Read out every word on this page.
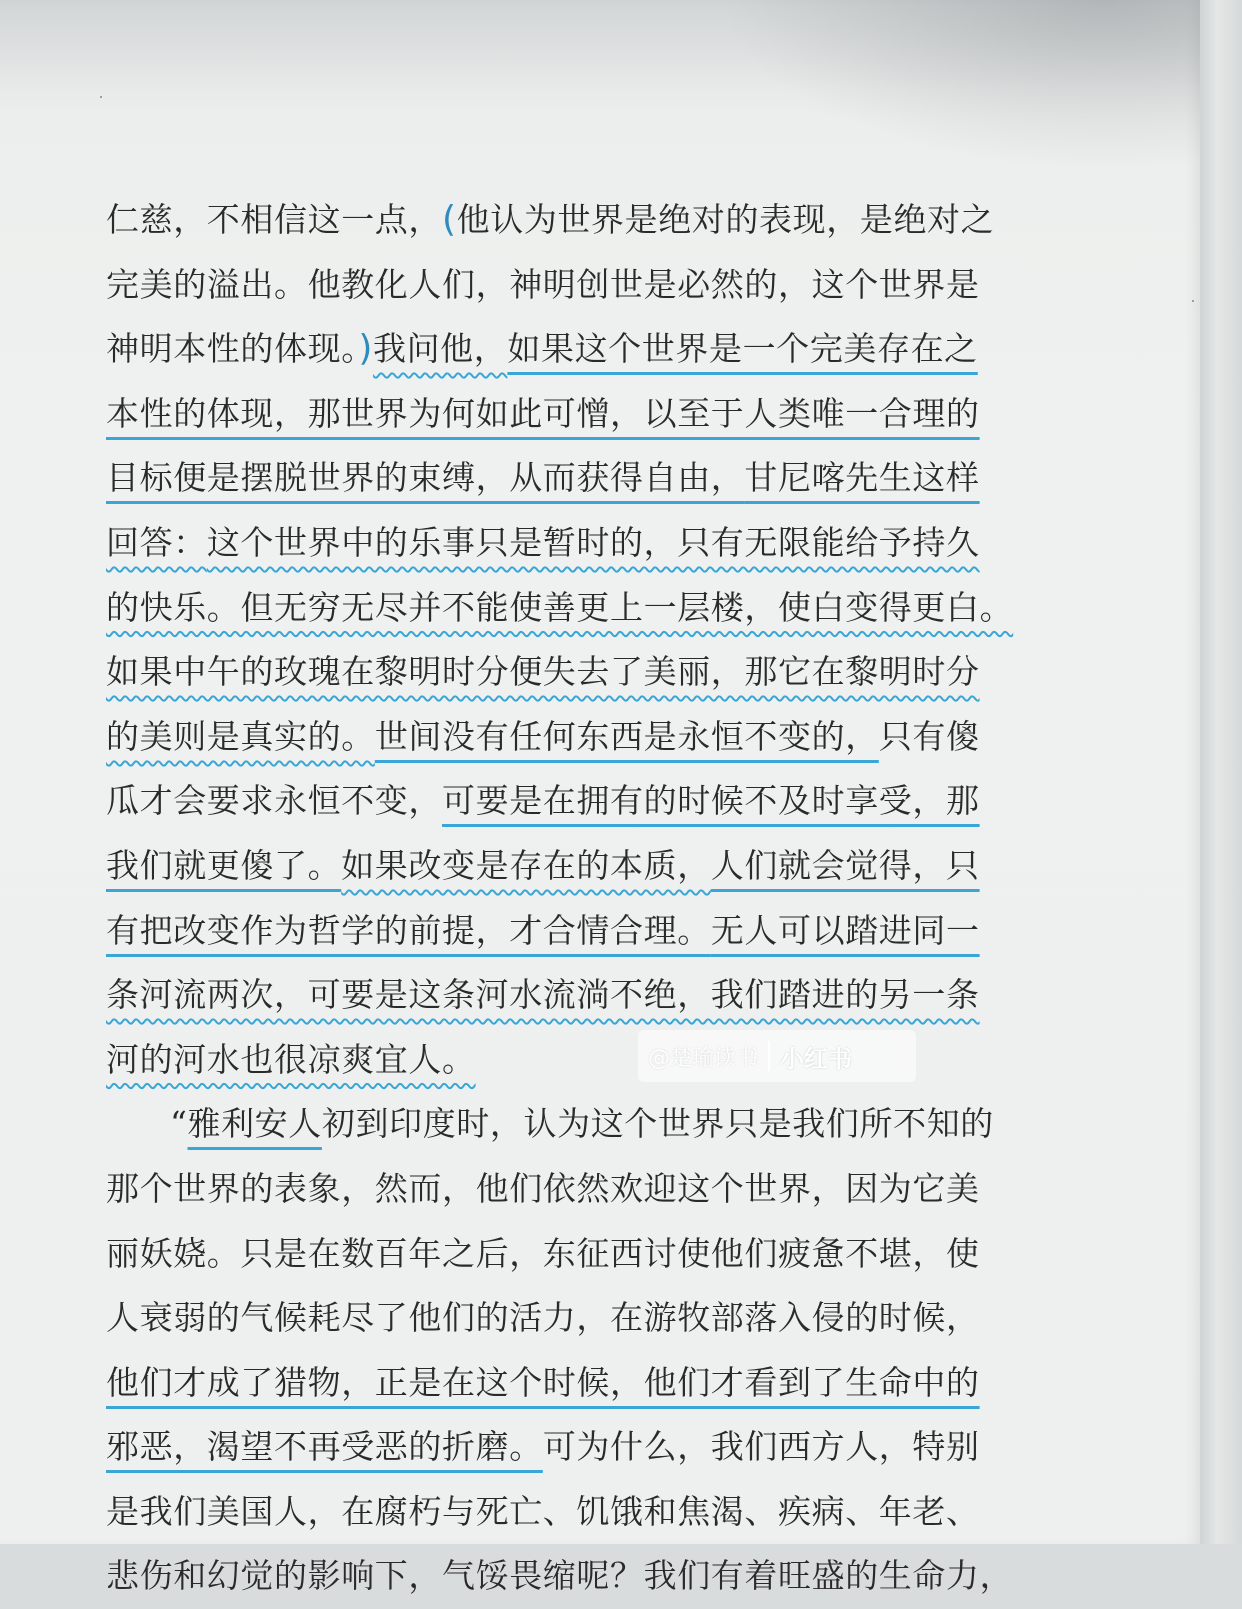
仁慈，不相信这一点，(他认为世界是绝对的表现，是绝对之
完美的溢出。他教化人们，神明创世是必然的，这个世界是
神明本性的体现。)我问他，如果这个世界是一个完美存在之
本性的体现，那世界为何如此可憎，以至于人类唯一合理的
目标便是摆脱世界的束缚，从而获得自由，甘尼喀先生这样
回答：这个世界中的乐事只是暂时的，只有无限能给予持久
的快乐。但无穷无尽并不能使善更上一层楼，使白变得更白。
如果中午的玫瑰在黎明时分便失去了美丽，那它在黎明时分
的美则是真实的。世间没有任何东西是永恒不变的，只有傻
瓜才会要求永恒不变，可要是在拥有的时候不及时享受，那
我们就更傻了。如果改变是存在的本质，人们就会觉得，只
有把改变作为哲学的前提，才合情合理。无人可以踏进同一
条河流两次，可要是这条河水流淌不绝，我们踏进的另一条
河的河水也很凉爽宜人。
“雅利安人初到印度时，认为这个世界只是我们所不知的
那个世界的表象，然而，他们依然欢迎这个世界，因为它美
丽妖娆。只是在数百年之后，东征西讨使他们疲惫不堪，使
人衰弱的气候耗尽了他们的活力，在游牧部落入侵的时候，
他们才成了猎物，正是在这个时候，他们才看到了生命中的
邪恶，渴望不再受恶的折磨。可为什么，我们西方人，特别
是我们美国人，在腐朽与死亡、饥饿和焦渴、疾病、年老、
悲伤和幻觉的影响下，气馁畏缩呢？我们有着旺盛的生命力，
@楚瑜读书 小红书
